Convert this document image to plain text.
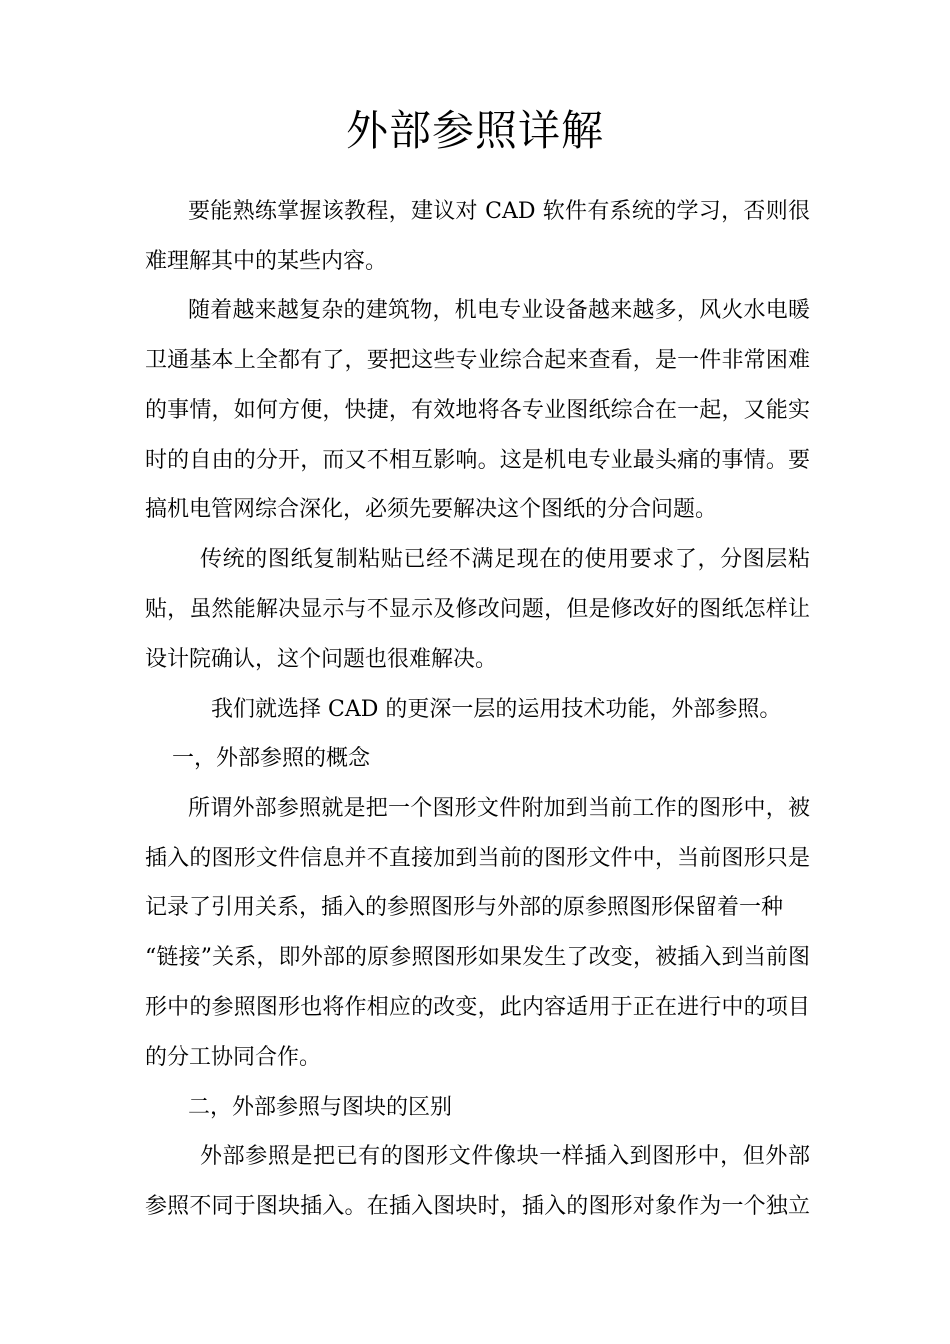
外部参照详解
要能熟练掌握该教程，建议对 CAD 软件有系统的学习，否则很
难理解其中的某些内容。
随着越来越复杂的建筑物，机电专业设备越来越多，风火水电暖
卫通基本上全都有了，要把这些专业综合起来查看，是一件非常困难
的事情，如何方便，快捷，有效地将各专业图纸综合在一起，又能实
时的自由的分开，而又不相互影响。这是机电专业最头痛的事情。要
搞机电管网综合深化，必须先要解决这个图纸的分合问题。
传统的图纸复制粘贴已经不满足现在的使用要求了，分图层粘
贴，虽然能解决显示与不显示及修改问题，但是修改好的图纸怎样让
设计院确认，这个问题也很难解决。
我们就选择 CAD 的更深一层的运用技术功能，外部参照。
一，外部参照的概念
所谓外部参照就是把一个图形文件附加到当前工作的图形中，被
插入的图形文件信息并不直接加到当前的图形文件中，当前图形只是
记录了引用关系，插入的参照图形与外部的原参照图形保留着一种
“链接”关系，即外部的原参照图形如果发生了改变，被插入到当前图
形中的参照图形也将作相应的改变，此内容适用于正在进行中的项目
的分工协同合作。
二，外部参照与图块的区别
外部参照是把已有的图形文件像块一样插入到图形中，但外部
参照不同于图块插入。在插入图块时，插入的图形对象作为一个独立
